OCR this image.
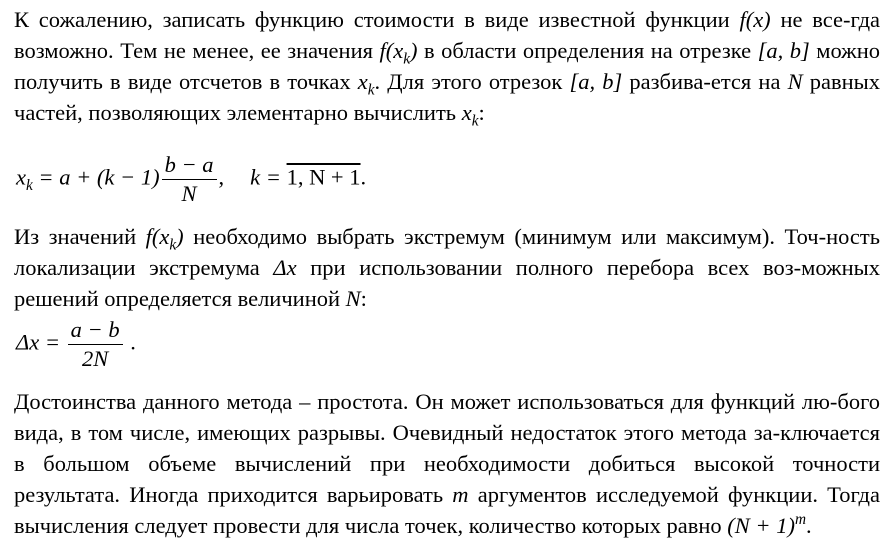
К сожалению, записать функцию стоимости в виде известной функции f(x) не все-гда возможно. Тем не менее, ее значения $f(x_k)$ в области определения на отрезке [a, b] можно получить в виде отсчетов в точках $x_k$. Для этого отрезок [a, b] разбива-ется на N равных частей, позволяющих элементарно вычислить $x_k$:

$x_k = a + (k - 1) \frac{b - a}{N}$ , k = 1, N + 1.

Из значений $f(x_k)$ необходимо выбрать экстремум (минимум или максимум). Точ-ность локализации экстремума Δx при использовании полного перебора всех воз-можных решений определяется величиной N:

$\Delta x = \frac{a - b}{2N}$ .

Достоинства данного метода – простота. Он может использоваться для функций лю-бого вида, в том числе, имеющих разрывы. Очевидный недостаток этого метода за-ключается в большом объеме вычислений при необходимости добиться высокой точности результата. Иногда приходится варьировать m аргументов исследуемой функции. Тогда вычисления следует провести для числа точек, количество которых равно $(N + 1)^m$.
